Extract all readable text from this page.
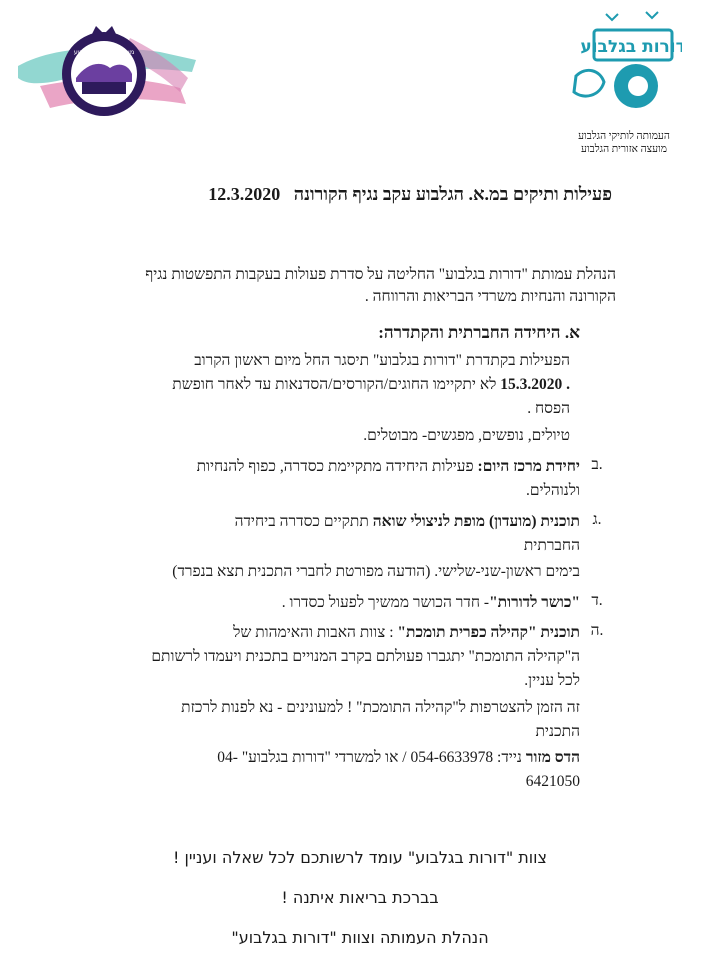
מועצה אזורית הגלבוע	דורות בגלבוע
העמותה לותיקי הגלבוע
מועצה אזורית הגלבוע
פעילות ותיקים במ.א. הגלבוע עקב נגיף הקורונה   12.3.2020
הנהלת עמותת "דורות בגלבוע" החליטה על סדרת פעולות בעקבות התפשטות נגיף
הקורונה והנחיות משרדי הבריאות והרווחה .
א. היחידה החברתית והקתדרה:
הפעילות בקתדרת "דורות בגלבוע" תיסגר החל מיום ראשון הקרוב
15.3.2020 . לא יתקיימו החוגים/הקורסים/הסדנאות עד לאחר חופשת
הפסח .
טיולים, נופשים, מפגשים- מבוטלים.
ב.
יחידת מרכז היום: פעילות היחידה מתקיימת כסדרה, כפוף להנחיות
ולנוהלים.
ג.
תוכנית (מועדון) מופת לניצולי שואה תתקיים כסדרה ביחידה
החברתית
בימים ראשון-שני-שלישי. (הודעה מפורטת לחברי התכנית תצא בנפרד)
ד.
"כושר לדורות"- חדר הכושר ממשיך לפעול כסדרו .
ה.
תוכנית "קהילה כפרית תומכת" : צוות האבות והאימהות של
ה"קהילה התומכת" יתגברו פעולתם בקרב המנויים בתכנית ויעמדו לרשותם
לכל עניין.
זה הזמן להצטרפות ל"קהילה התומכת" ! למעונינים - נא לפנות לרכזת
התכנית
הדס מזור נייד: 054-6633978 / או למשרדי "דורות בגלבוע" -04
6421050
צוות "דורות בגלבוע" עומד לרשותכם לכל שאלה ועניין !
בברכת בריאות איתנה !
הנהלת העמותה וצוות "דורות בגלבוע"
